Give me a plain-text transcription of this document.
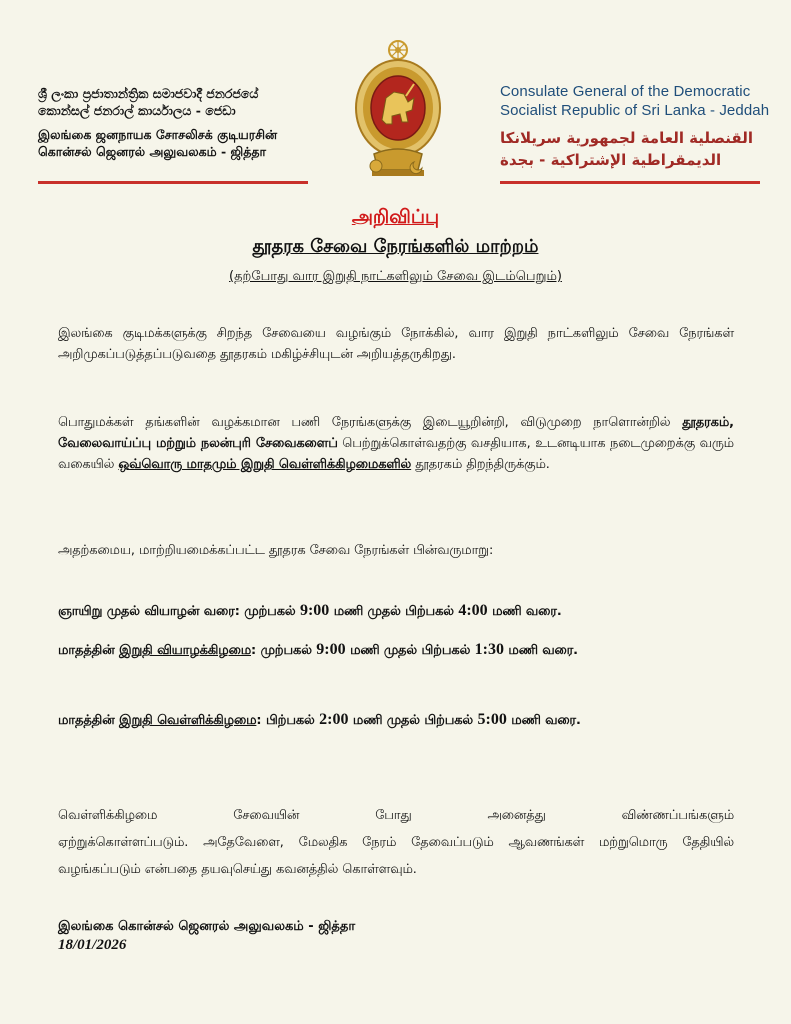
ශ්‍රී ලංකා ප්‍රජාතාන්ත්‍රික සමාජවාදී ජනරජයේ
කොන්සල් ජනරාල් කාර්යාලය - ජෙඩා
இலங்கை ஜனநாயக சோசலிசக் குடியரசின்
கொன்சல் ஜெனரல் அலுவலகம் - ஜித்தா
Consulate General of the Democratic
Socialist Republic of Sri Lanka - Jeddah
القنصلية العامة لجمهورية سريلانكا
الديمقراطية الإشتراكية - بجدة
அறிவிப்பு
தூதரக சேவை நேரங்களில் மாற்றம்
(தற்போது வார இறுதி நாட்களிலும் சேவை இடம்பெறும்)
இலங்கை குடிமக்களுக்கு சிறந்த சேவையை வழங்கும் நோக்கில், வார இறுதி நாட்களிலும் சேவை நேரங்கள் அறிமுகப்படுத்தப்படுவதை தூதரகம் மகிழ்ச்சியுடன் அறியத்தருகிறது.
பொதுமக்கள் தங்களின் வழக்கமான பணி நேரங்களுக்கு இடையூறின்றி, விடுமுறை நாளொன்றில் தூதரகம், வேலைவாய்ப்பு மற்றும் நலன்புரி சேவைகளைப் பெற்றுக்கொள்வதற்கு வசதியாக, உடனடியாக நடைமுறைக்கு வரும் வகையில் ஒவ்வொரு மாதமும் இறுதி வெள்ளிக்கிழமைகளில் தூதரகம் திறந்திருக்கும்.
அதற்கமைய, மாற்றியமைக்கப்பட்ட தூதரக சேவை நேரங்கள் பின்வருமாறு:
ஞாயிறு முதல் வியாழன் வரை: முற்பகல் 9:00 மணி முதல் பிற்பகல் 4:00 மணி வரை.
மாதத்தின் இறுதி வியாழக்கிழமை: முற்பகல் 9:00 மணி முதல் பிற்பகல் 1:30 மணி வரை.
மாதத்தின் இறுதி வெள்ளிக்கிழமை: பிற்பகல் 2:00 மணி முதல் பிற்பகல் 5:00 மணி வரை.
வெள்ளிக்கிழமை சேவையின் போது அனைத்து விண்ணப்பங்களும்
ஏற்றுக்கொள்ளப்படும். அதேவேளை, மேலதிக நேரம் தேவைப்படும் ஆவணங்கள் மற்றுமொரு தேதியில் வழங்கப்படும் என்பதை தயவுசெய்து கவனத்தில் கொள்ளவும்.
இலங்கை கொன்சல் ஜெனரல் அலுவலகம் - ஜித்தா
18/01/2026
